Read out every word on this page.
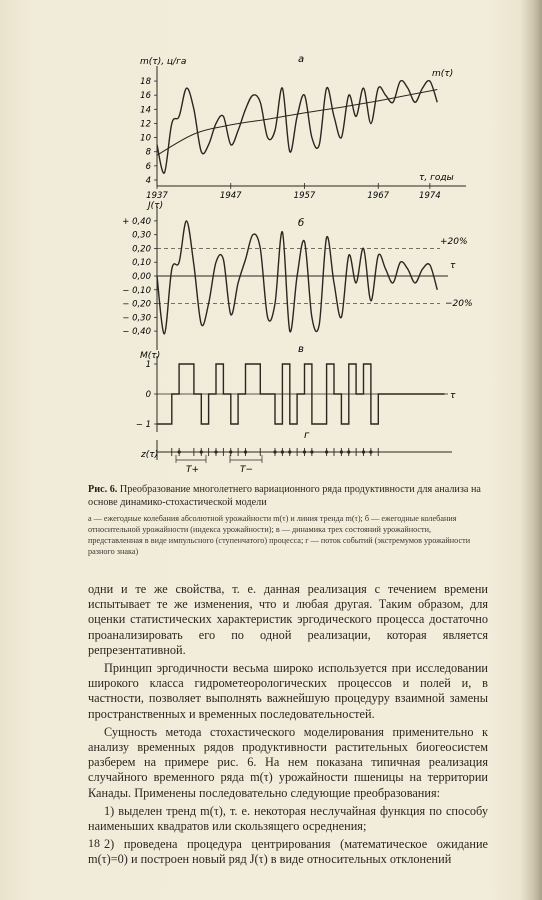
m(τ), ц/га	а
18
16
14
12
10
8
6
4
1937	1947	1957	1967	1974
τ, годы
m(τ)
J(τ)
б
+ 0,40
0,30
0,20
0,10
0,00
− 0,10
− 0,20
− 0,30
− 0,40
+20%
−20%
τ
M(τ)
в
1
0
− 1
τ
г
z(τ)
T+	T−
Рис. 6. Преобразование многолетнего вариационного ряда продуктивности для анализа на основе динамико-стохастической модели
а — ежегодные колебания абсолютной урожайности m(τ) и линия тренда m(τ); б — ежегодные колебания относительной урожайности (индекса урожайности); в — динамика трех состояний урожайности, представленная в виде импульсного (ступенчатого) процесса; г — поток событий (экстремумов урожайности разного знака)

одни и те же свойства, т. е. данная реализация с течением времени испытывает те же изменения, что и любая другая. Таким образом, для оценки статистических характеристик эргодического процесса достаточно проанализировать его по одной реализации, которая является репрезентативной.

Принцип эргодичности весьма широко используется при исследовании широкого класса гидрометеорологических процессов и полей и, в частности, позволяет выполнять важнейшую процедуру взаимной замены пространственных и временных последовательностей.

Сущность метода стохастического моделирования применительно к анализу временных рядов продуктивности растительных биогеосистем разберем на примере рис. 6. На нем показана типичная реализация случайного временного ряда m(τ) урожайности пшеницы на территории Канады. Применены последовательно следующие преобразования:

1) выделен тренд m(τ), т. е. некоторая неслучайная функция по способу наименьших квадратов или скользящего осреднения;

2) проведена процедура центрирования (математическое ожидание m(τ)=0) и построен новый ряд J(τ) в виде относительных отклонений

18
